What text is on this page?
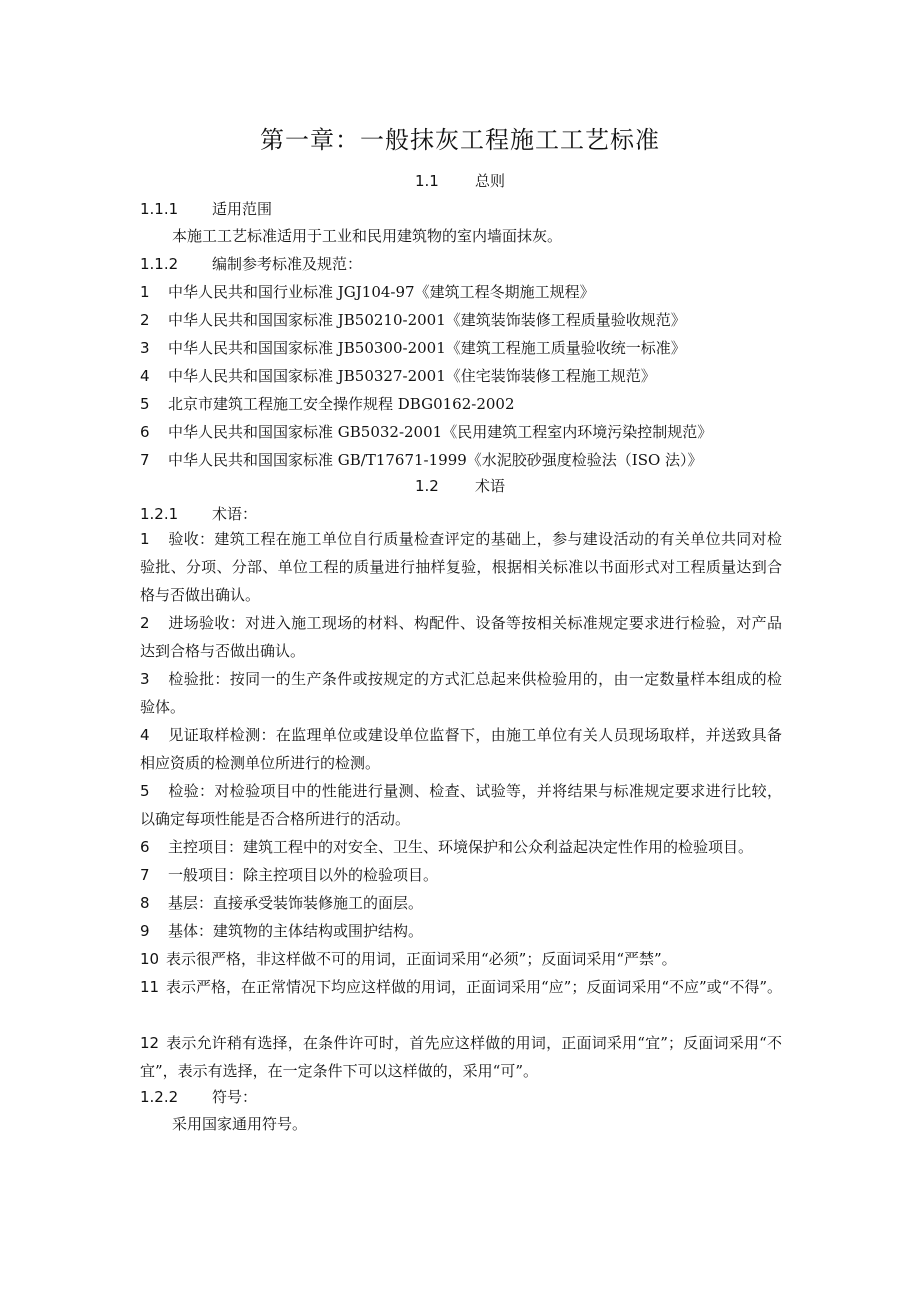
第一章：一般抹灰工程施工工艺标准
1.1 总则
1.1.1 适用范围
本施工工艺标准适用于工业和民用建筑物的室内墙面抹灰。
1.1.2 编制参考标准及规范：
1 中华人民共和国行业标准 JGJ104-97《建筑工程冬期施工规程》
2 中华人民共和国国家标准 JB50210-2001《建筑装饰装修工程质量验收规范》
3 中华人民共和国国家标准 JB50300-2001《建筑工程施工质量验收统一标准》
4 中华人民共和国国家标准 JB50327-2001《住宅装饰装修工程施工规范》
5 北京市建筑工程施工安全操作规程 DBG0162-2002
6 中华人民共和国国家标准 GB5032-2001《民用建筑工程室内环境污染控制规范》
7 中华人民共和国国家标准 GB/T17671-1999《水泥胶砂强度检验法（ISO 法）》
1.2 术语
1.2.1 术语：
1 验收：建筑工程在施工单位自行质量检查评定的基础上，参与建设活动的有关单位共同对检验批、分项、分部、单位工程的质量进行抽样复验，根据相关标准以书面形式对工程质量达到合格与否做出确认。
2 进场验收：对进入施工现场的材料、构配件、设备等按相关标准规定要求进行检验，对产品达到合格与否做出确认。
3 检验批：按同一的生产条件或按规定的方式汇总起来供检验用的，由一定数量样本组成的检验体。
4 见证取样检测：在监理单位或建设单位监督下，由施工单位有关人员现场取样，并送致具备相应资质的检测单位所进行的检测。
5 检验：对检验项目中的性能进行量测、检查、试验等，并将结果与标准规定要求进行比较，以确定每项性能是否合格所进行的活动。
6 主控项目：建筑工程中的对安全、卫生、环境保护和公众利益起决定性作用的检验项目。
7 一般项目：除主控项目以外的检验项目。
8 基层：直接承受装饰装修施工的面层。
9 基体：建筑物的主体结构或围护结构。
10 表示很严格，非这样做不可的用词，正面词采用“必须”；反面词采用“严禁”。
11 表示严格，在正常情况下均应这样做的用词，正面词采用“应”；反面词采用“不应”或“不得”。
12 表示允许稍有选择，在条件许可时，首先应这样做的用词，正面词采用“宜”；反面词采用“不宜”，表示有选择，在一定条件下可以这样做的，采用“可”。
1.2.2 符号：
采用国家通用符号。
